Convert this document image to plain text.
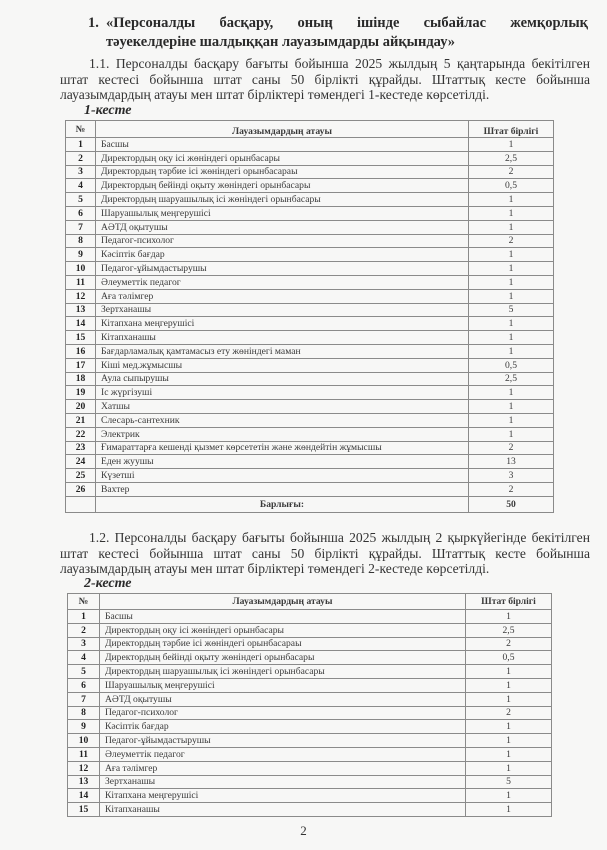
1. «Персоналды басқару, оның ішінде сыбайлас жемқорлық
тәуекелдеріне шалдыққан лауазымдарды айқындау»
1.1. Персоналды басқару бағыты бойынша 2025 жылдың 5 қаңтарында бекітілген штат кестесі бойынша штат саны 50 бірлікті құрайды. Штаттық кесте бойынша лауазымдардың атауы мен штат бірліктері төмендегі 1-кестеде көрсетілді.
1-кесте
№	Лауазымдардың атауы	Штат бірлігі
1	Басшы	1
2	Директордың оқу ісі жөніндегі орынбасары	2,5
3	Директордың тәрбие ісі жөніндегі орынбасараы	2
4	Директордың бейінді оқыту жөніндегі орынбасары	0,5
5	Директордың шаруашылық ісі жөніндегі орынбасары	1
6	Шаруашылық меңгерушісі	1
7	АӘТД оқытушы	1
8	Педагог-психолог	2
9	Кәсіптік бағдар	1
10	Педагог-ұйымдастырушы	1
11	Әлеуметтік педагог	1
12	Аға тәлімгер	1
13	Зертханашы	5
14	Кітапхана меңгерушісі	1
15	Кітапханашы	1
16	Бағдарламалық қамтамасыз ету жөніндегі маман	1
17	Кіші мед.жұмысшы	0,5
18	Аула сыпырушы	2,5
19	Іс жүргізуші	1
20	Хатшы	1
21	Слесарь-сантехник	1
22	Электрик	1
23	Ғимараттарға кешенді қызмет көрсететін және жөндейтін жұмысшы	2
24	Еден жуушы	13
25	Күзетші	3
26	Вахтер	2
	Барлығы:	50
1.2. Персоналды басқару бағыты бойынша 2025 жылдың 2 қыркүйегінде бекітілген штат кестесі бойынша штат саны 50 бірлікті құрайды. Штаттық кесте бойынша лауазымдардың атауы мен штат бірліктері төмендегі 2-кестеде көрсетілді.
2-кесте
№	Лауазымдардың атауы	Штат бірлігі
1	Басшы	1
2	Директордың оқу ісі жөніндегі орынбасары	2,5
3	Директордың тәрбие ісі жөніндегі орынбасараы	2
4	Директордың бейінді оқыту жөніндегі орынбасары	0,5
5	Директордың шаруашылық ісі жөніндегі орынбасары	1
6	Шаруашылық меңгерушісі	1
7	АӘТД оқытушы	1
8	Педагог-психолог	2
9	Кәсіптік бағдар	1
10	Педагог-ұйымдастырушы	1
11	Әлеуметтік педагог	1
12	Аға тәлімгер	1
13	Зертханашы	5
14	Кітапхана меңгерушісі	1
15	Кітапханашы	1
2
